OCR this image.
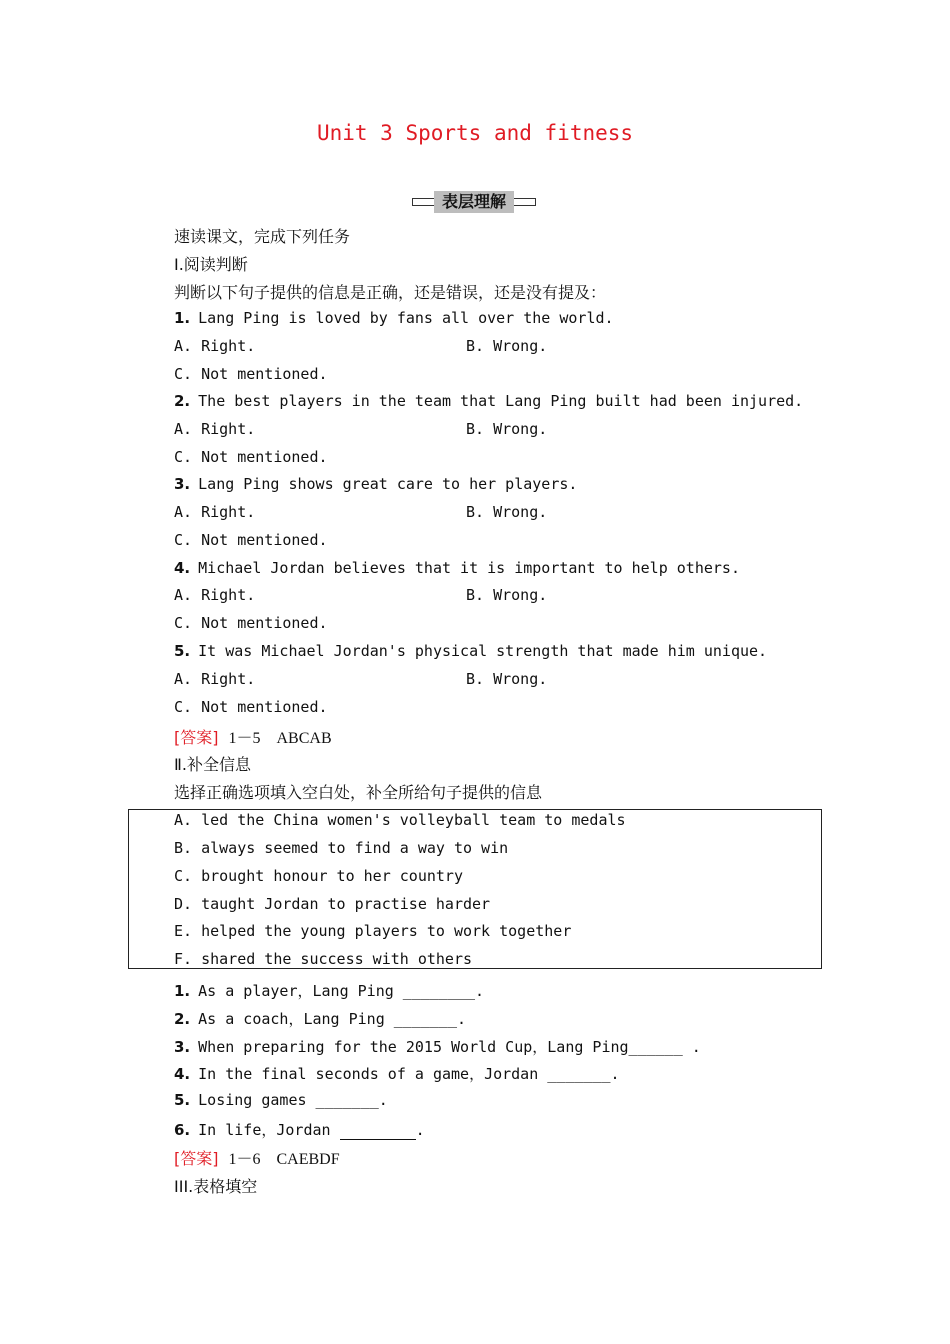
Unit 3 Sports and fitness
表层理解
速读课文，完成下列任务
Ⅰ.阅读判断
判断以下句子提供的信息是正确，还是错误，还是没有提及：
1. Lang Ping is loved by fans all over the world.
A. Right.	B. Wrong.
C. Not mentioned.
2. The best players in the team that Lang Ping built had been injured.
A. Right.	B. Wrong.
C. Not mentioned.
3. Lang Ping shows great care to her players.
A. Right.	B. Wrong.
C. Not mentioned.
4. Michael Jordan believes that it is important to help others.
A. Right.	B. Wrong.
C. Not mentioned.
5. It was Michael Jordan's physical strength that made him unique.
A. Right.	B. Wrong.
C. Not mentioned.
[答案] 1－5　ABCAB
Ⅱ.补全信息
选择正确选项填入空白处，补全所给句子提供的信息
A. led the China women's volleyball team to medals
B. always seemed to find a way to win
C. brought honour to her country
D. taught Jordan to practise harder
E. helped the young players to work together
F. shared the success with others
1. As a player，Lang Ping ________.
2. As a coach，Lang Ping _______.
3. When preparing for the 2015 World Cup，Lang Ping______ .
4. In the final seconds of a game，Jordan _______.
5. Losing games _______.
6. In life，Jordan	.
[答案] 1－6　CAEBDF
III.表格填空
